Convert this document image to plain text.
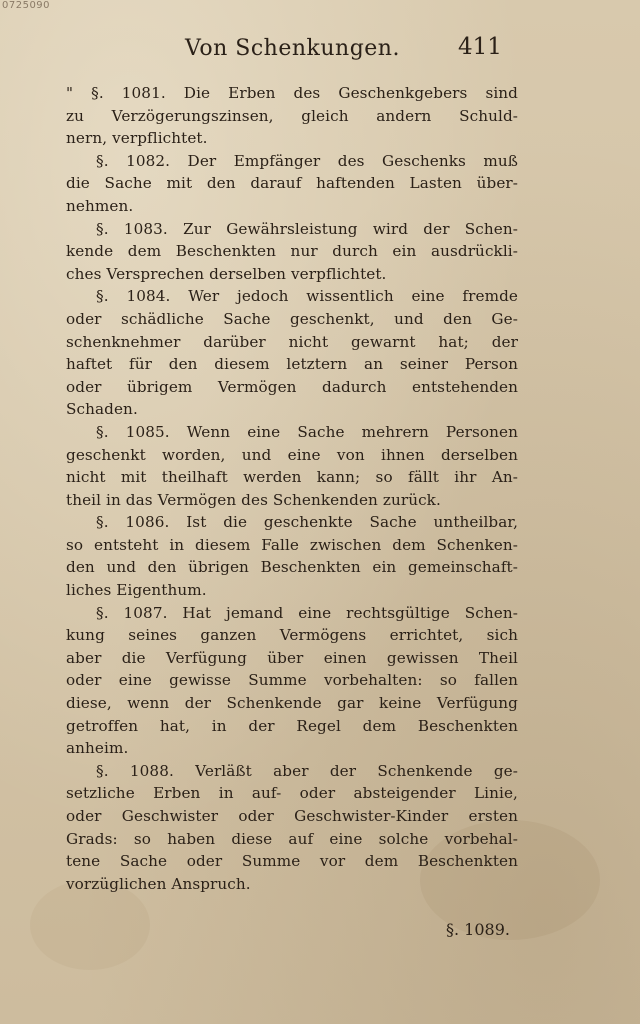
0725090
Von Schenkungen.	411
" §. 1081. Die Erben des Geschenkgebers sind
zu Verzögerungszinsen, gleich andern Schuld-
nern, verpflichtet.
§. 1082. Der Empfänger des Geschenks muß
die Sache mit den darauf haftenden Lasten über-
nehmen.
§. 1083. Zur Gewährsleistung wird der Schen-
kende dem Beschenkten nur durch ein ausdrückli-
ches Versprechen derselben verpflichtet.
§. 1084. Wer jedoch wissentlich eine fremde
oder schädliche Sache geschenkt, und den Ge-
schenknehmer darüber nicht gewarnt hat; der
haftet für den diesem letztern an seiner Person
oder übrigem Vermögen dadurch entstehenden
Schaden.
§. 1085. Wenn eine Sache mehrern Personen
geschenkt worden, und eine von ihnen derselben
nicht mit theilhaft werden kann; so fällt ihr An-
theil in das Vermögen des Schenkenden zurück.
§. 1086. Ist die geschenkte Sache untheilbar,
so entsteht in diesem Falle zwischen dem Schenken-
den und den übrigen Beschenkten ein gemeinschaft-
liches Eigenthum.
§. 1087. Hat jemand eine rechtsgültige Schen-
kung seines ganzen Vermögens errichtet, sich
aber die Verfügung über einen gewissen Theil
oder eine gewisse Summe vorbehalten: so fallen
diese, wenn der Schenkende gar keine Verfügung
getroffen hat, in der Regel dem Beschenkten
anheim.
§. 1088. Verläßt aber der Schenkende ge-
setzliche Erben in auf- oder absteigender Linie,
oder Geschwister oder Geschwister-Kinder ersten
Grads: so haben diese auf eine solche vorbehal-
tene Sache oder Summe vor dem Beschenkten
vorzüglichen Anspruch.
§. 1089.
